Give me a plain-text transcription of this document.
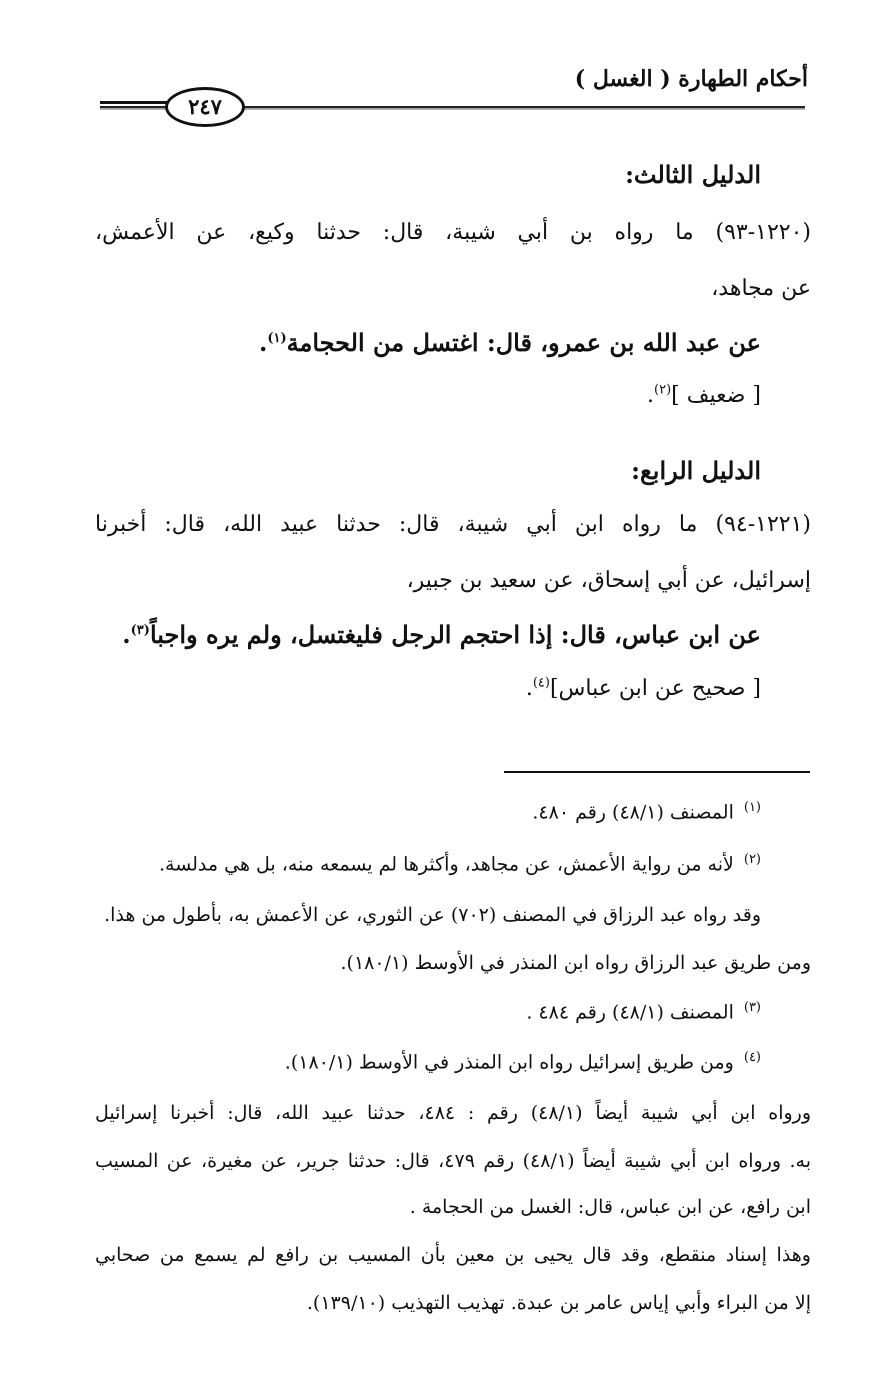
أحكام الطهارة ( الغسل )
٢٤٧
الدليل الثالث:
(١٢٢٠-٩٣) ما رواه بن أبي شيبة، قال: حدثنا وكيع، عن الأعمش،
عن مجاهد،
عن عبد الله بن عمرو، قال: اغتسل من الحجامة$^{(١)}$.
[ ضعيف ]$^{(٢)}$.
الدليل الرابع:
(١٢٢١-٩٤) ما رواه ابن أبي شيبة، قال: حدثنا عبيد الله، قال: أخبرنا
إسرائيل، عن أبي إسحاق، عن سعيد بن جبير،
عن ابن عباس، قال: إذا احتجم الرجل فليغتسل، ولم يره واجباً$^{(٣)}$.
[ صحيح عن ابن عباس]$^{(٤)}$.
$^{(١)}$المصنف (٤٨/١) رقم ٤٨٠.
$^{(٢)}$لأنه من رواية الأعمش، عن مجاهد، وأكثرها لم يسمعه منه، بل هي مدلسة.
وقد رواه عبد الرزاق في المصنف (٧٠٢) عن الثوري، عن الأعمش به، بأطول من هذا.
ومن طريق عبد الرزاق رواه ابن المنذر في الأوسط (١٨٠/١).
$^{(٣)}$المصنف (٤٨/١) رقم ٤٨٤ .
$^{(٤)}$ومن طريق إسرائيل رواه ابن المنذر في الأوسط (١٨٠/١).
ورواه ابن أبي شيبة أيضاً (٤٨/١) رقم : ٤٨٤، حدثنا عبيد الله، قال: أخبرنا إسرائيل
به. ورواه ابن أبي شيبة أيضاً (٤٨/١) رقم ٤٧٩، قال: حدثنا جرير، عن مغيرة، عن المسيب
ابن رافع، عن ابن عباس، قال: الغسل من الحجامة .
وهذا إسناد منقطع، وقد قال يحيى بن معين بأن المسيب بن رافع لم يسمع من صحابي
إلا من البراء وأبي إياس عامر بن عبدة. تهذيب التهذيب (١٣٩/١٠).
